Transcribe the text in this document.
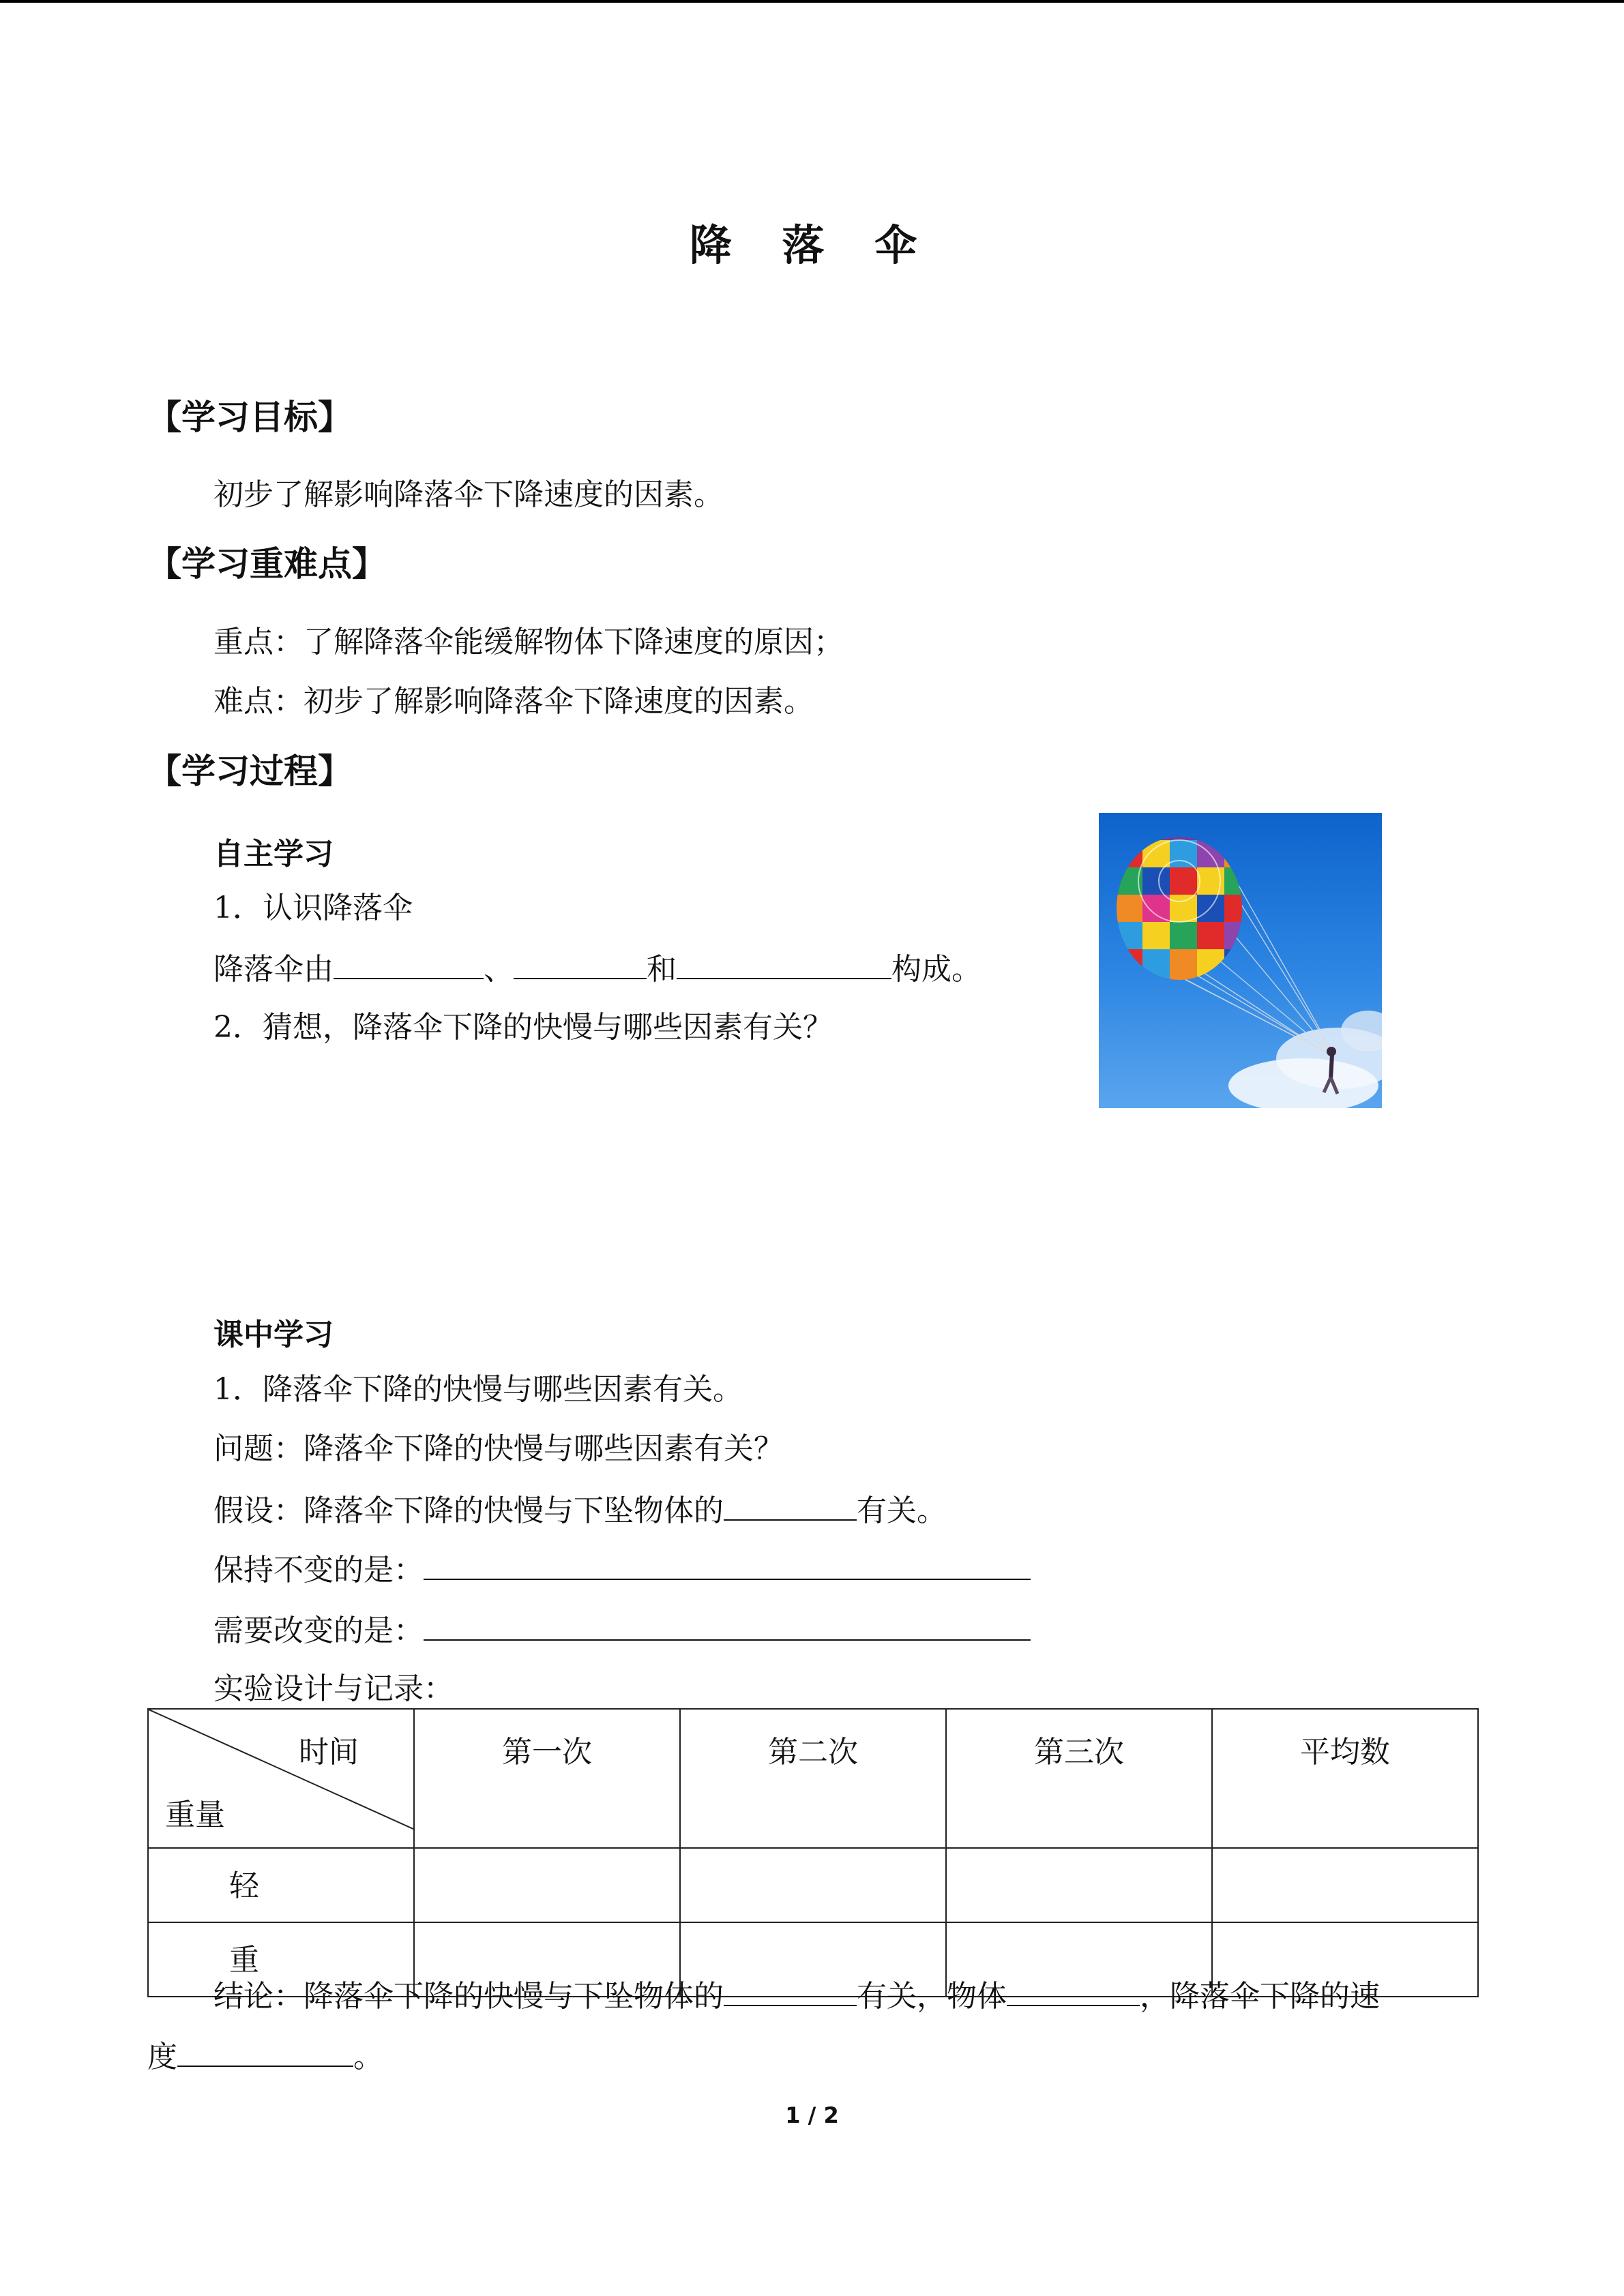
降 落 伞
【学习目标】
初步了解影响降落伞下降速度的因素。
【学习重难点】
重点：了解降落伞能缓解物体下降速度的原因；
难点：初步了解影响降落伞下降速度的因素。
【学习过程】
自主学习
1．认识降落伞
降落伞由	、	和	构成。
2．猜想，降落伞下降的快慢与哪些因素有关？
课中学习
1．降落伞下降的快慢与哪些因素有关。
问题：降落伞下降的快慢与哪些因素有关？
假设：降落伞下降的快慢与下坠物体的	有关。
保持不变的是：
需要改变的是：
实验设计与记录：
时间
重量	第一次	第二次	第三次	平均数
轻				
重				
结论：降落伞下降的快慢与下坠物体的	有关，物体	，降落伞下降的速
度	。
1 / 2
